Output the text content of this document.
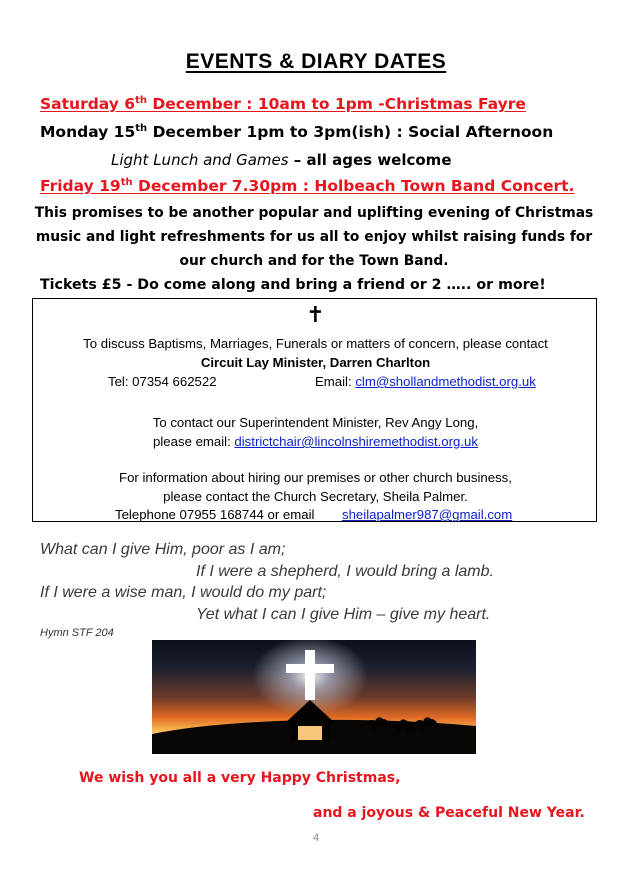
EVENTS & DIARY DATES
Saturday 6th December : 10am to 1pm -Christmas Fayre
Monday 15th December 1pm to 3pm(ish) : Social Afternoon
Light Lunch and Games – all ages welcome
Friday 19th December 7.30pm : Holbeach Town Band Concert.
This promises to be another popular and uplifting evening of Christmas
music and light refreshments for us all to enjoy whilst raising funds for
our church and for the Town Band.
Tickets £5 - Do come along and bring a friend or 2 ….. or more!
✝
To discuss Baptisms, Marriages, Funerals or matters of concern, please contact
Circuit Lay Minister, Darren Charlton
Tel: 07354 662522	Email: clm@shollandmethodist.org.uk
To contact our Superintendent Minister, Rev Angy Long,
please email: districtchair@lincolnshiremethodist.org.uk
For information about hiring our premises or other church business,
please contact the Church Secretary, Sheila Palmer.
Telephone 07955 168744 or email sheilapalmer987@gmail.com
What can I give Him, poor as I am;
If I were a shepherd, I would bring a lamb.
If I were a wise man, I would do my part;
Yet what I can I give Him – give my heart.
Hymn STF 204
We wish you all a very Happy Christmas,
and a joyous & Peaceful New Year.
4
